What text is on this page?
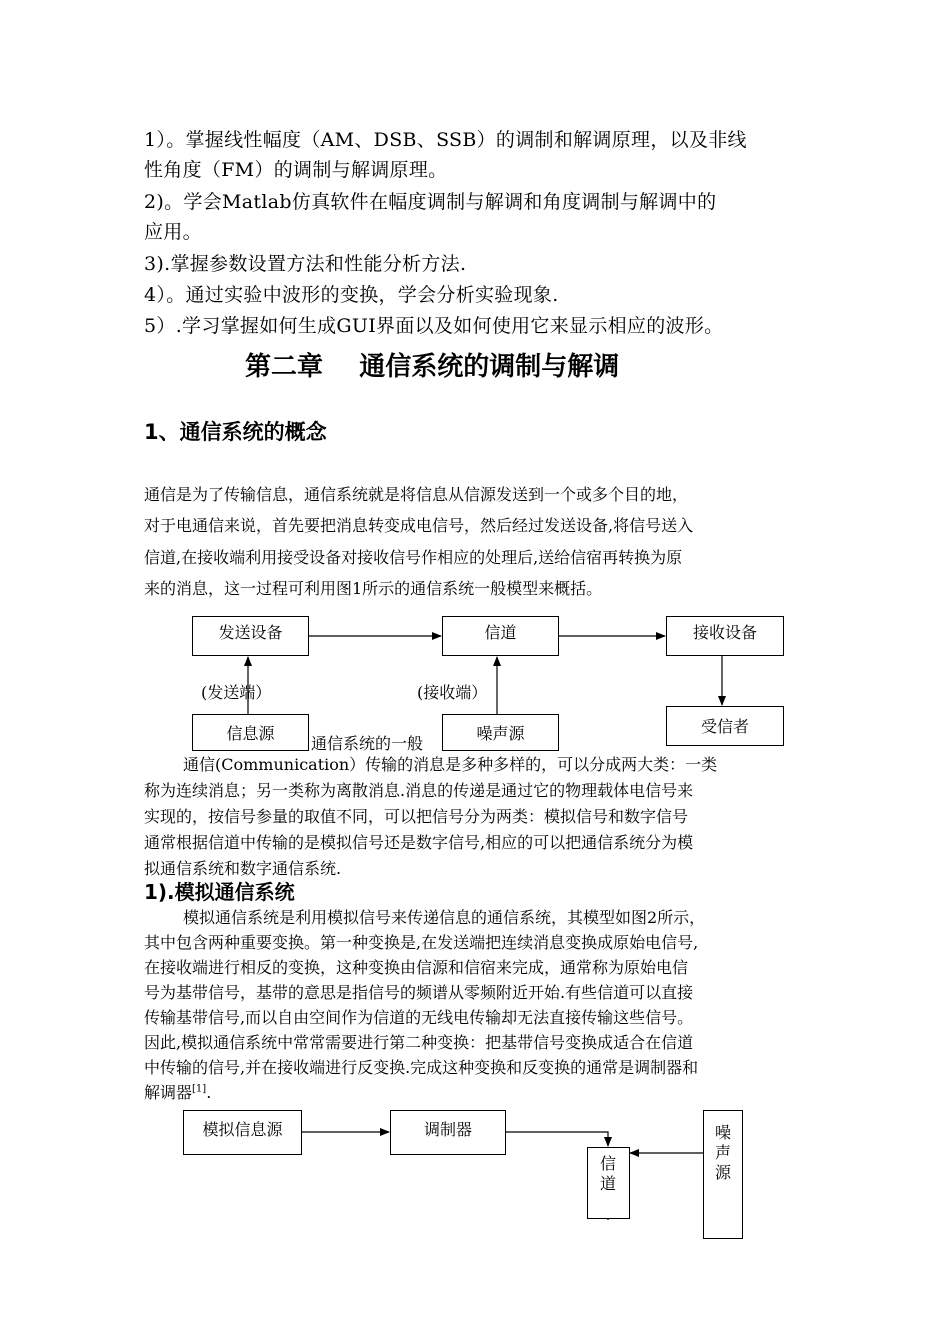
1）。掌握线性幅度（AM、DSB、SSB）的调制和解调原理，以及非线
性角度（FM）的调制与解调原理。
2)。学会Matlab仿真软件在幅度调制与解调和角度调制与解调中的
应用。
3).掌握参数设置方法和性能分析方法.
4）。通过实验中波形的变换，学会分析实验现象.
5）.学习掌握如何生成GUI界面以及如何使用它来显示相应的波形。
第二章    通信系统的调制与解调
1、通信系统的概念
通信是为了传输信息，通信系统就是将信息从信源发送到一个或多个目的地，
对于电通信来说，首先要把消息转变成电信号，然后经过发送设备,将信号送入
信道,在接收端利用接受设备对接收信号作相应的处理后,送给信宿再转换为原
来的消息，这一过程可利用图1所示的通信系统一般模型来概括。
发送设备	信道	接收设备
(发送端）	(接收端）
信息源
通信系统的一般
噪声源	受信者
通信(Communication）传输的消息是多种多样的，可以分成两大类：一类
称为连续消息；另一类称为离散消息.消息的传递是通过它的物理载体电信号来
实现的，按信号参量的取值不同，可以把信号分为两类：模拟信号和数字信号
通常根据信道中传输的是模拟信号还是数字信号,相应的可以把通信系统分为模
拟通信系统和数字通信系统.
1).模拟通信系统
模拟通信系统是利用模拟信号来传递信息的通信系统，其模型如图2所示，
其中包含两种重要变换。第一种变换是,在发送端把连续消息变换成原始电信号,
在接收端进行相反的变换，这种变换由信源和信宿来完成，通常称为原始电信
号为基带信号，基带的意思是指信号的频谱从零频附近开始.有些信道可以直接
传输基带信号,而以自由空间作为信道的无线电传输却无法直接传输这些信号。
因此,模拟通信系统中常常需要进行第二种变换：把基带信号变换成适合在信道
中传输的信号,并在接收端进行反变换.完成这种变换和反变换的通常是调制器和
解调器[1].
模拟信息源	调制器
信道
噪声源
